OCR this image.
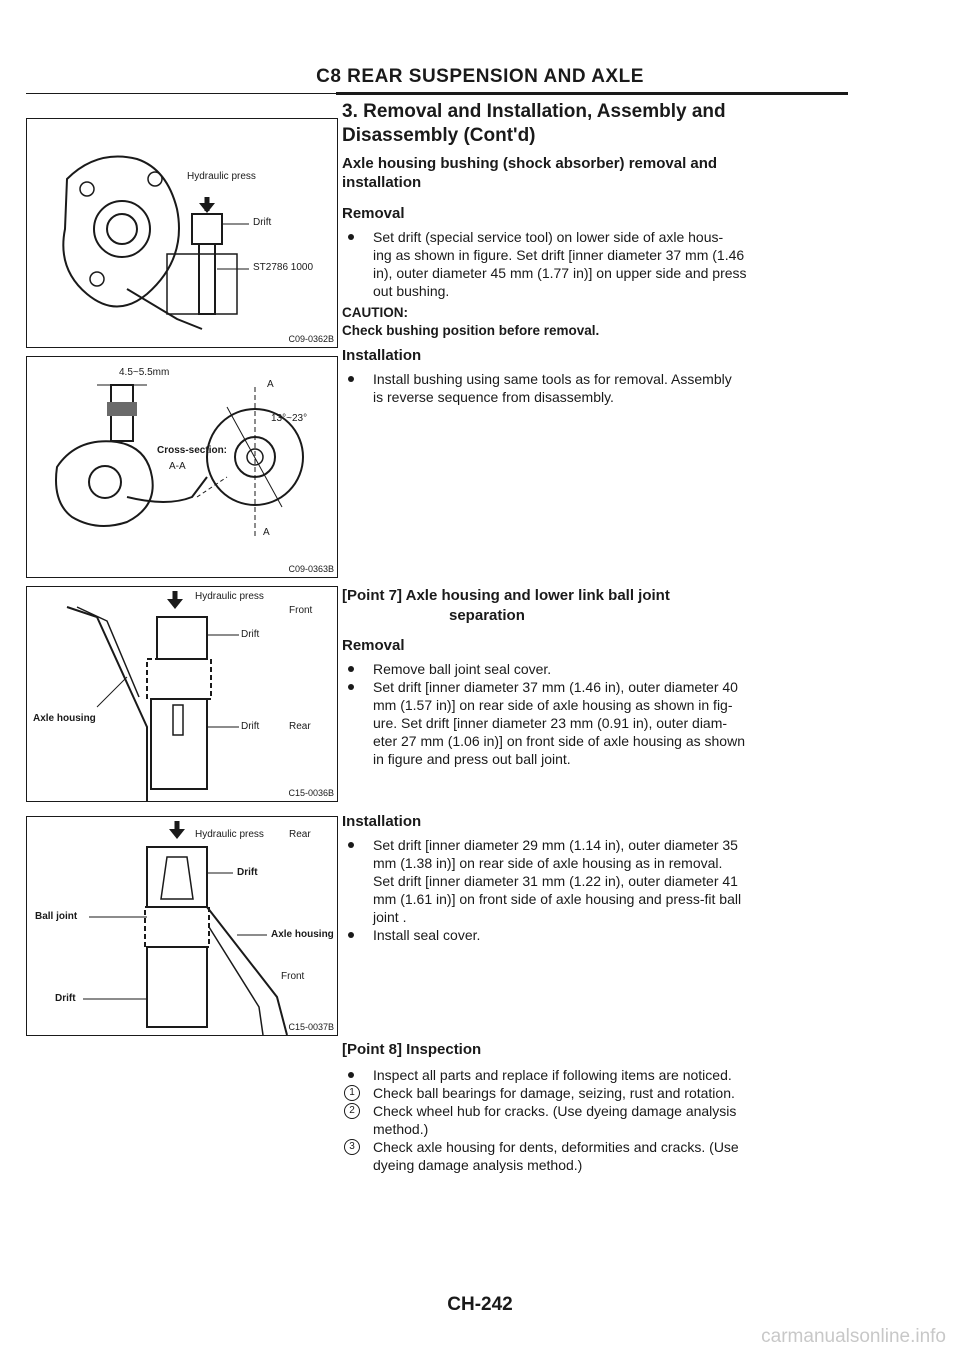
C8 REAR SUSPENSION AND AXLE
Hydraulic press
Drift
ST2786 1000
C09-0362B
4.5~5.5mm
A
13°~23°
Cross-section:
A-A
A
C09-0363B
Hydraulic press
Front
Drift
Axle housing
Drift	Rear
C15-0036B
Hydraulic press	Rear
Drift
Ball joint
Axle housing
Front
Drift
C15-0037B

3. Removal and Installation, Assembly and

Disassembly (Cont'd)

Axle housing bushing (shock absorber) removal and

installation

Removal

Set drift (special service tool) on lower side of axle hous-
ing as shown in figure. Set drift [inner diameter 37 mm (1.46
in), outer diameter 45 mm (1.77 in)] on upper side and press
out bushing.

CAUTION:

Check bushing position before removal.

Installation

Install bushing using same tools as for removal. Assembly
is reverse sequence from disassembly.

[Point 7] Axle housing and lower link ball joint

separation

Removal

Remove ball joint seal cover.
Set drift [inner diameter 37 mm (1.46 in), outer diameter 40
mm (1.57 in)] on rear side of axle housing as shown in fig-
ure. Set drift [inner diameter 23 mm (0.91 in), outer diam-
eter 27 mm (1.06 in)] on front side of axle housing as shown
in figure and press out ball joint.

Installation

Set drift [inner diameter 29 mm (1.14 in), outer diameter 35
mm (1.38 in)] on rear side of axle housing as in removal.
Set drift [inner diameter 31 mm (1.22 in), outer diameter 41
mm (1.61 in)] on front side of axle housing and press-fit ball
joint .
Install seal cover.

[Point 8] Inspection

Inspect all parts and replace if following items are noticed.
1	Check ball bearings for damage, seizing, rust and rotation.
2	Check wheel hub for cracks. (Use dyeing damage analysis
method.)
3	Check axle housing for dents, deformities and cracks. (Use
dyeing damage analysis method.)
CH-242
carmanualsonline.info
